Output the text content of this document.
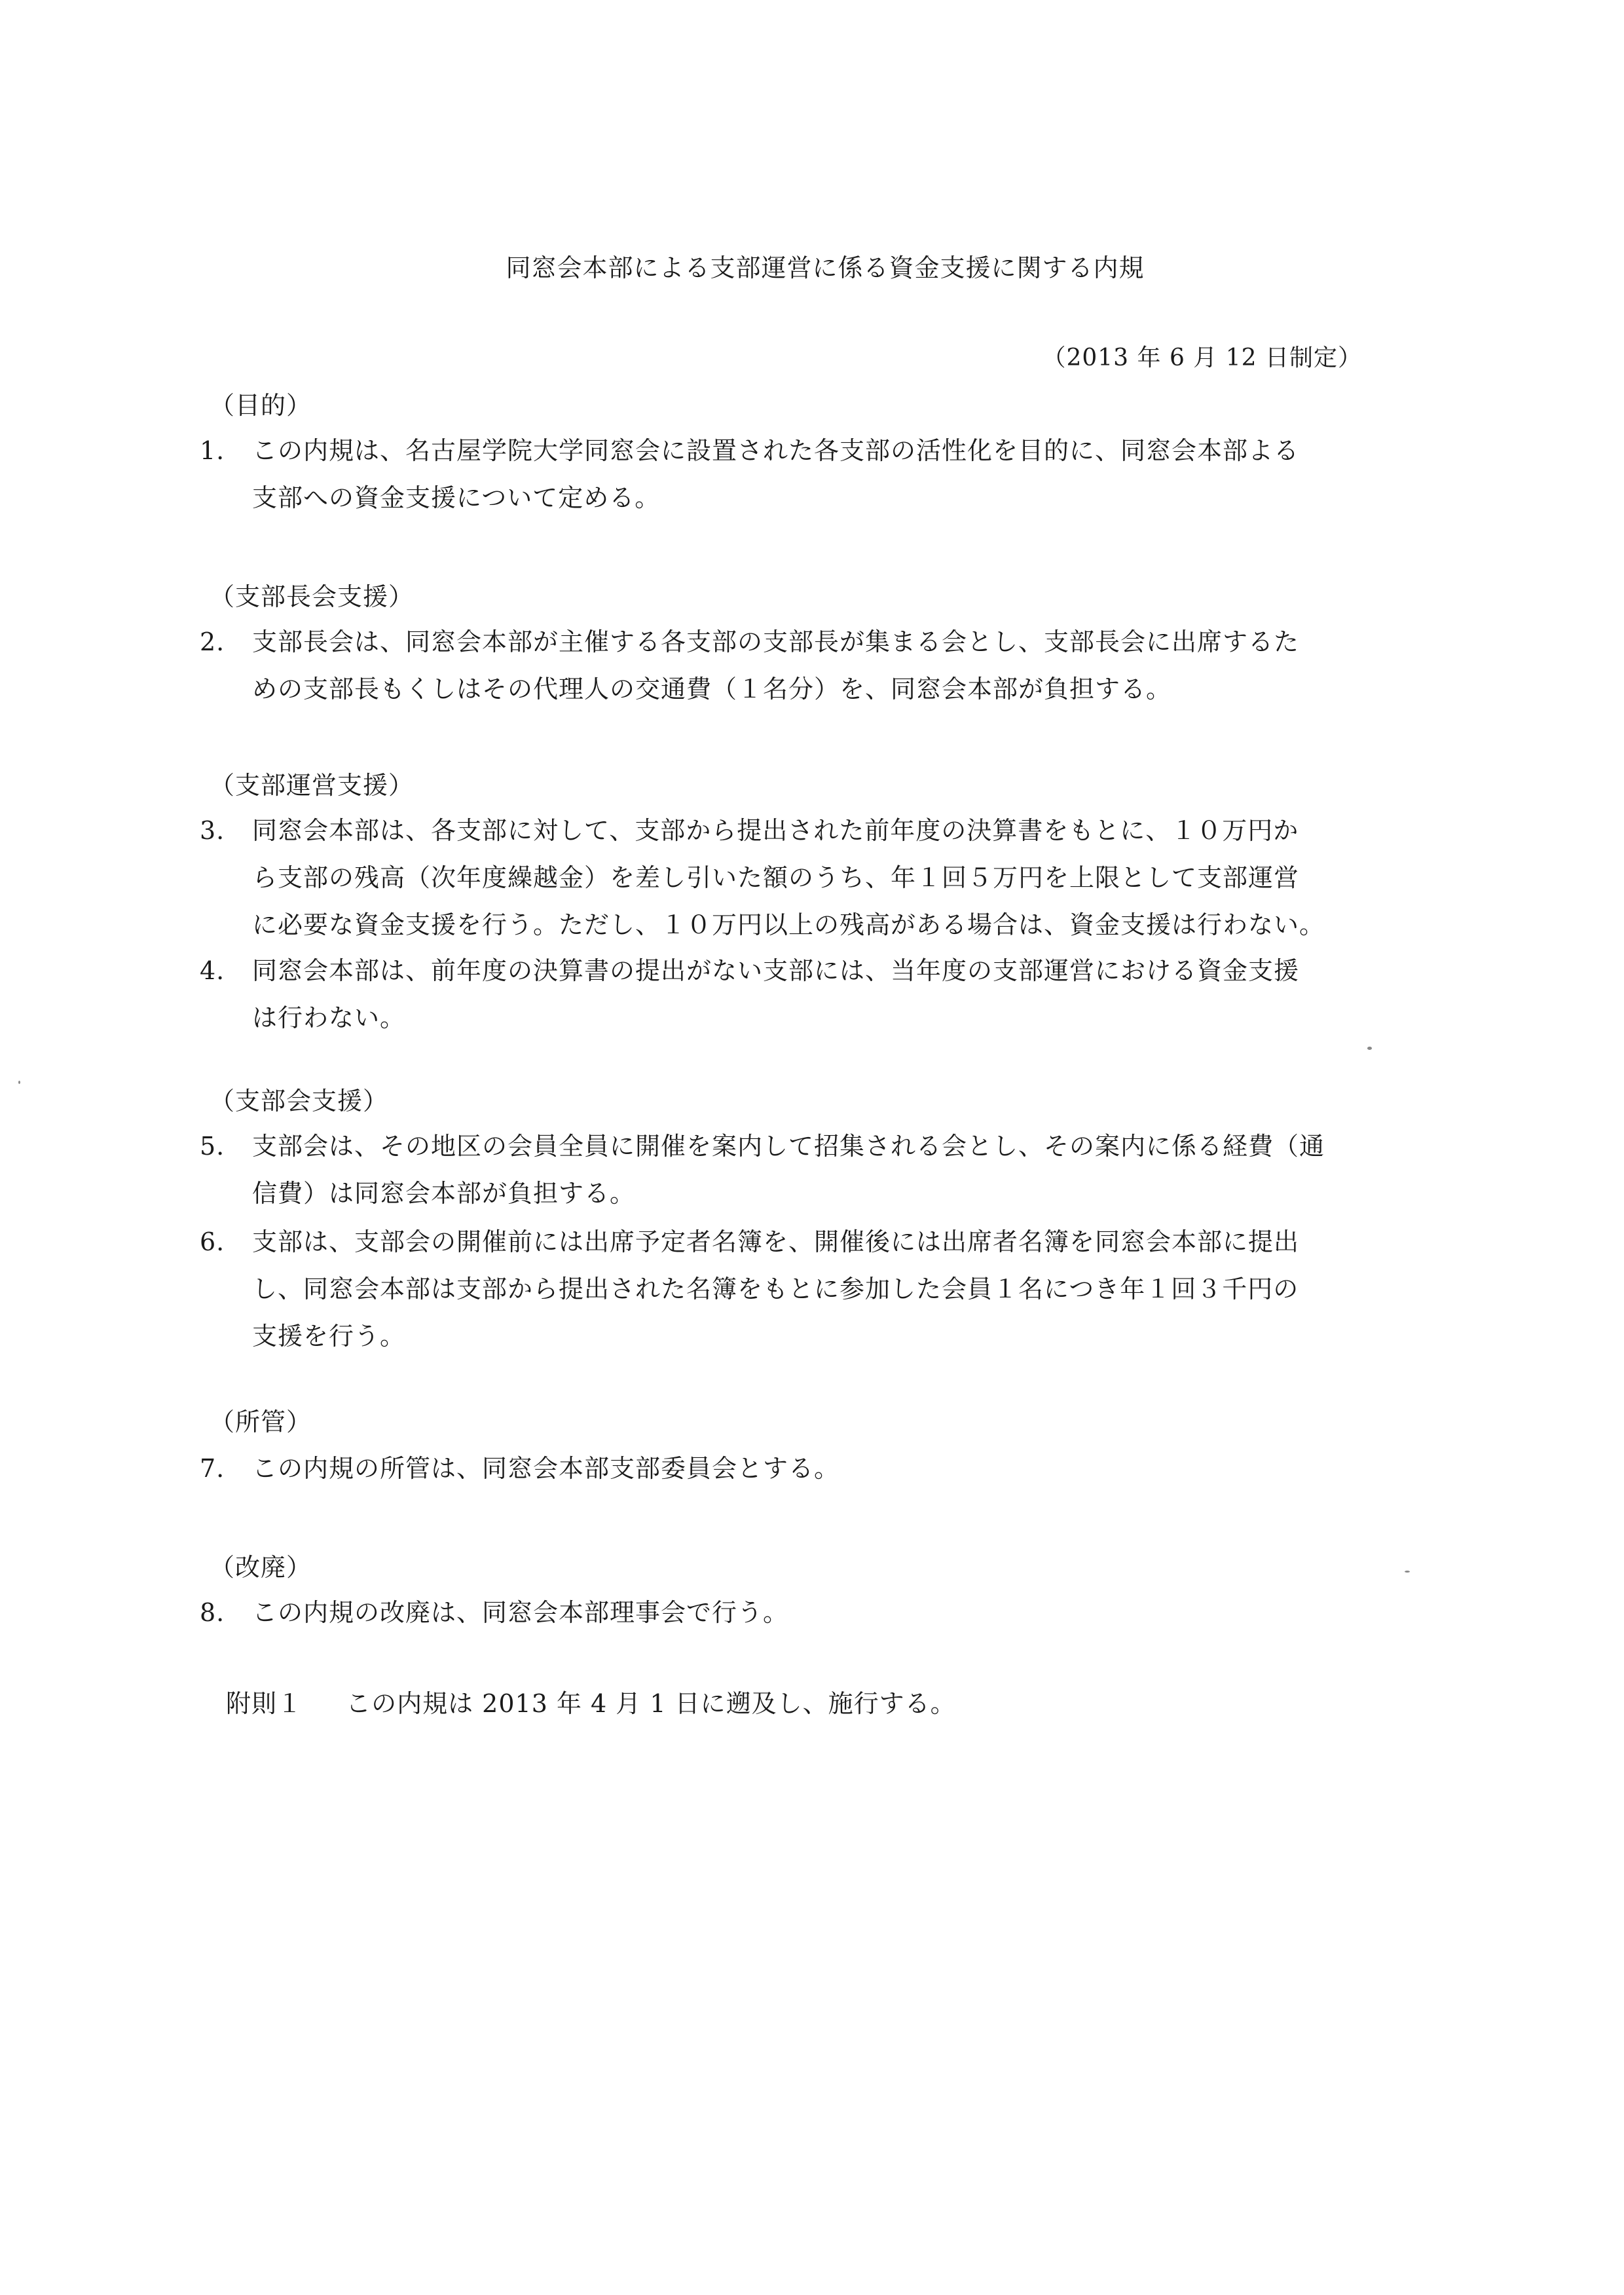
同窓会本部による支部運営に係る資金支援に関する内規
（2013 年 6 月 12 日制定）
（目的）
1.	この内規は、名古屋学院大学同窓会に設置された各支部の活性化を目的に、同窓会本部よる
支部への資金支援について定める。
（支部長会支援）
2.	支部長会は、同窓会本部が主催する各支部の支部長が集まる会とし、支部長会に出席するた
めの支部長もくしはその代理人の交通費（１名分）を、同窓会本部が負担する。
（支部運営支援）
3.	同窓会本部は、各支部に対して、支部から提出された前年度の決算書をもとに、１０万円か
ら支部の残高（次年度繰越金）を差し引いた額のうち、年１回５万円を上限として支部運営
に必要な資金支援を行う。ただし、１０万円以上の残高がある場合は、資金支援は行わない。
4.	同窓会本部は、前年度の決算書の提出がない支部には、当年度の支部運営における資金支援
は行わない。
（支部会支援）
5.	支部会は、その地区の会員全員に開催を案内して招集される会とし、その案内に係る経費（通
信費）は同窓会本部が負担する。
6.	支部は、支部会の開催前には出席予定者名簿を、開催後には出席者名簿を同窓会本部に提出
し、同窓会本部は支部から提出された名簿をもとに参加した会員１名につき年１回３千円の
支援を行う。
（所管）
7.	この内規の所管は、同窓会本部支部委員会とする。
（改廃）
8.	この内規の改廃は、同窓会本部理事会で行う。
附則１ この内規は 2013 年 4 月 1 日に遡及し、施行する。
